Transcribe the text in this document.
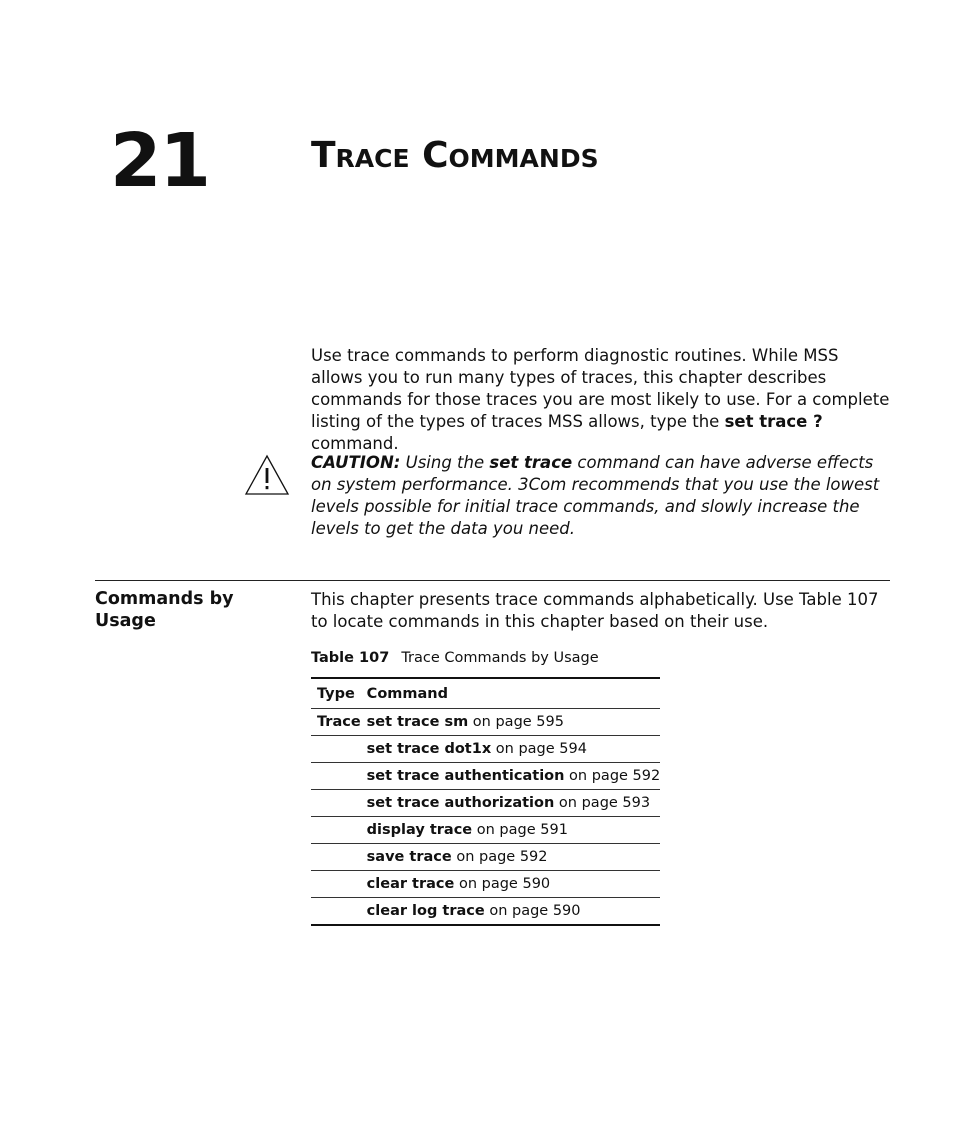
21	Trace Commands
Use trace commands to perform diagnostic routines. While MSS allows you to run many types of traces, this chapter describes commands for those traces you are most likely to use. For a complete listing of the types of traces MSS allows, type the set trace ? command.
CAUTION: Using the set trace command can have adverse effects on system performance. 3Com recommends that you use the lowest levels possible for initial trace commands, and slowly increase the levels to get the data you need.
Commands by Usage
This chapter presents trace commands alphabetically. Use Table 107 to locate commands in this chapter based on their use.
Table 107 Trace Commands by Usage
Type	Command
Trace	set trace sm on page 595
	set trace dot1x on page 594
	set trace authentication on page 592
	set trace authorization on page 593
	display trace on page 591
	save trace on page 592
	clear trace on page 590
	clear log trace on page 590
